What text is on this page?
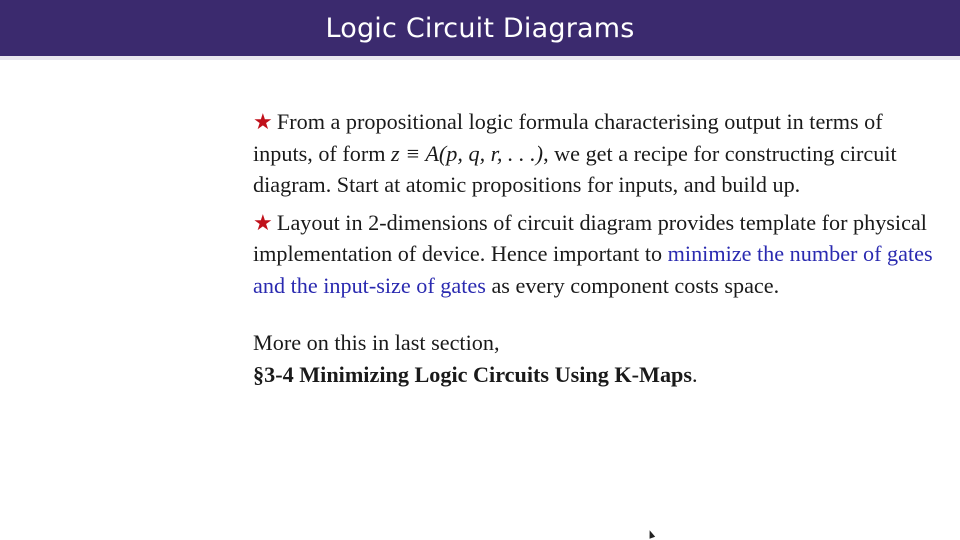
Logic Circuit Diagrams

★ From a propositional logic formula characterising output in terms of inputs, of form z ≡ A(p, q, r, . . .), we get a recipe for constructing circuit diagram. Start at atomic propositions for inputs, and build up.

★ Layout in 2-dimensions of circuit diagram provides template for physical implementation of device. Hence important to minimize the number of gates and the input-size of gates as every component costs space.

More on this in last section,
§3-4 Minimizing Logic Circuits Using K-Maps.
